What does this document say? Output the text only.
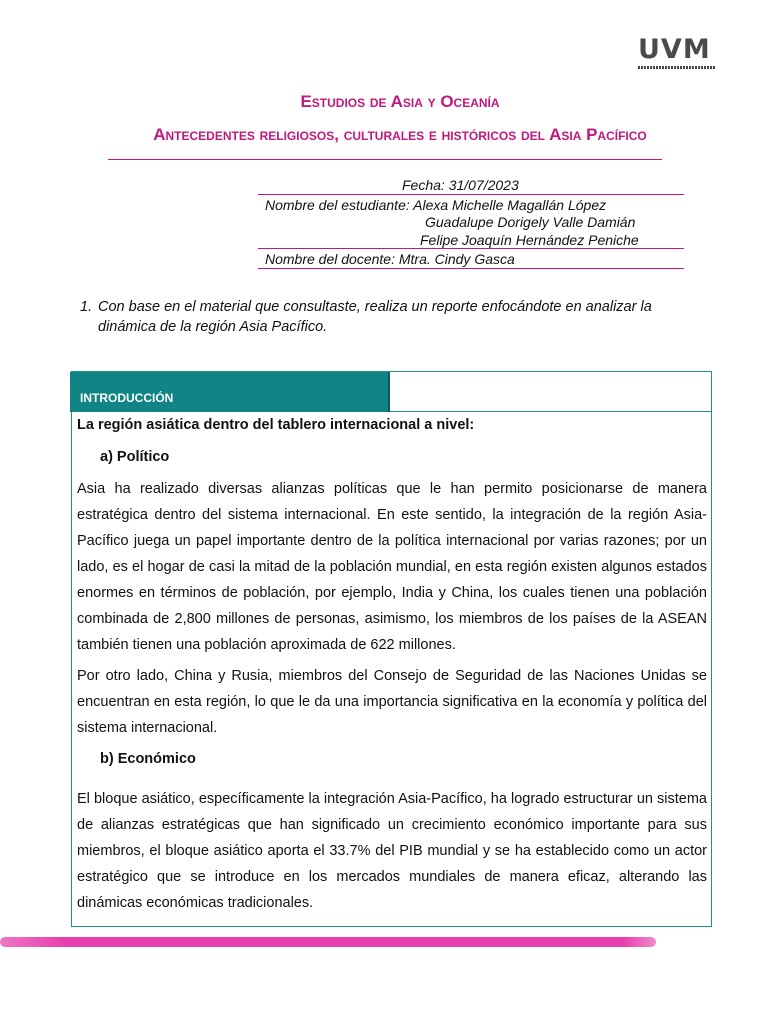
UVM
Estudios de Asia y Oceanía
Antecedentes religiosos, culturales e históricos del Asia Pacífico
Fecha: 31/07/2023
Nombre del estudiante: Alexa Michelle Magallán López
Guadalupe Dorigely Valle Damián
Felipe Joaquín Hernández Peniche
Nombre del docente: Mtra. Cindy Gasca
1. Con base en el material que consultaste, realiza un reporte enfocándote en analizar la dinámica de la región Asia Pacífico.
INTRODUCCIÓN

La región asiática dentro del tablero internacional a nivel:

a) Político

Asia ha realizado diversas alianzas políticas que le han permito posicionarse de manera estratégica dentro del sistema internacional. En este sentido, la integración de la región Asia-Pacífico juega un papel importante dentro de la política internacional por varias razones; por un lado, es el hogar de casi la mitad de la población mundial, en esta región existen algunos estados enormes en términos de población, por ejemplo, India y China, los cuales tienen una población combinada de 2,800 millones de personas, asimismo, los miembros de los países de la ASEAN también tienen una población aproximada de 622 millones.

Por otro lado, China y Rusia, miembros del Consejo de Seguridad de las Naciones Unidas se encuentran en esta región, lo que le da una importancia significativa en la economía y política del sistema internacional.

b) Económico

El bloque asiático, específicamente la integración Asia-Pacífico, ha logrado estructurar un sistema de alianzas estratégicas que han significado un crecimiento económico importante para sus miembros, el bloque asiático aporta el 33.7% del PIB mundial y se ha establecido como un actor estratégico que se introduce en los mercados mundiales de manera eficaz, alterando las dinámicas económicas tradicionales.
